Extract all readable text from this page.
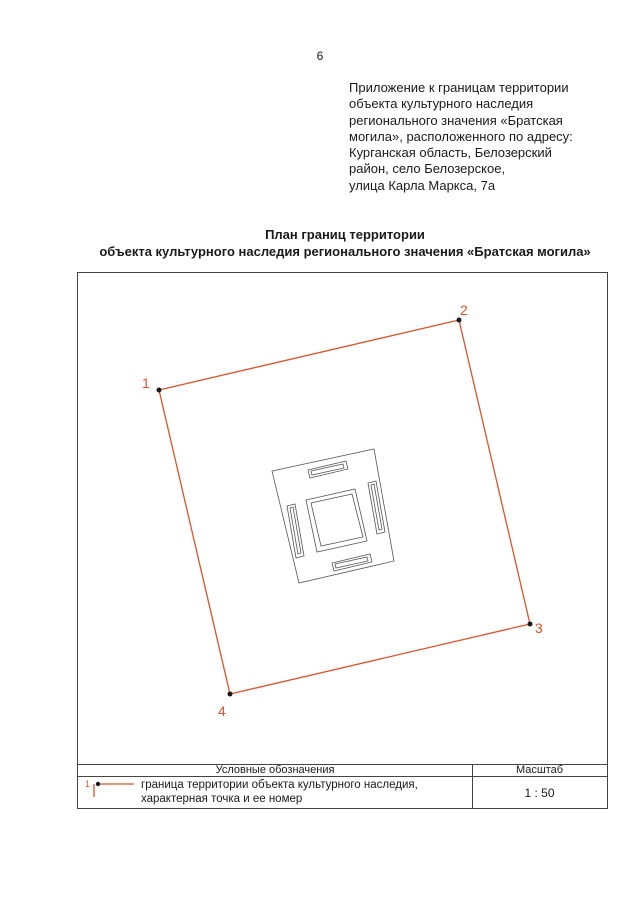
6
Приложение к границам территории
объекта культурного наследия
регионального значения «Братская
могила», расположенного по адресу:
Курганская область, Белозерский
район, село Белозерское,
улица Карла Маркса, 7а
План границ территории
объекта культурного наследия регионального значения «Братская могила»
1
2
3
4
Условные обозначения	Масштаб
1	граница территории объекта культурного наследия, характерная точка и ее номер	1 : 50
